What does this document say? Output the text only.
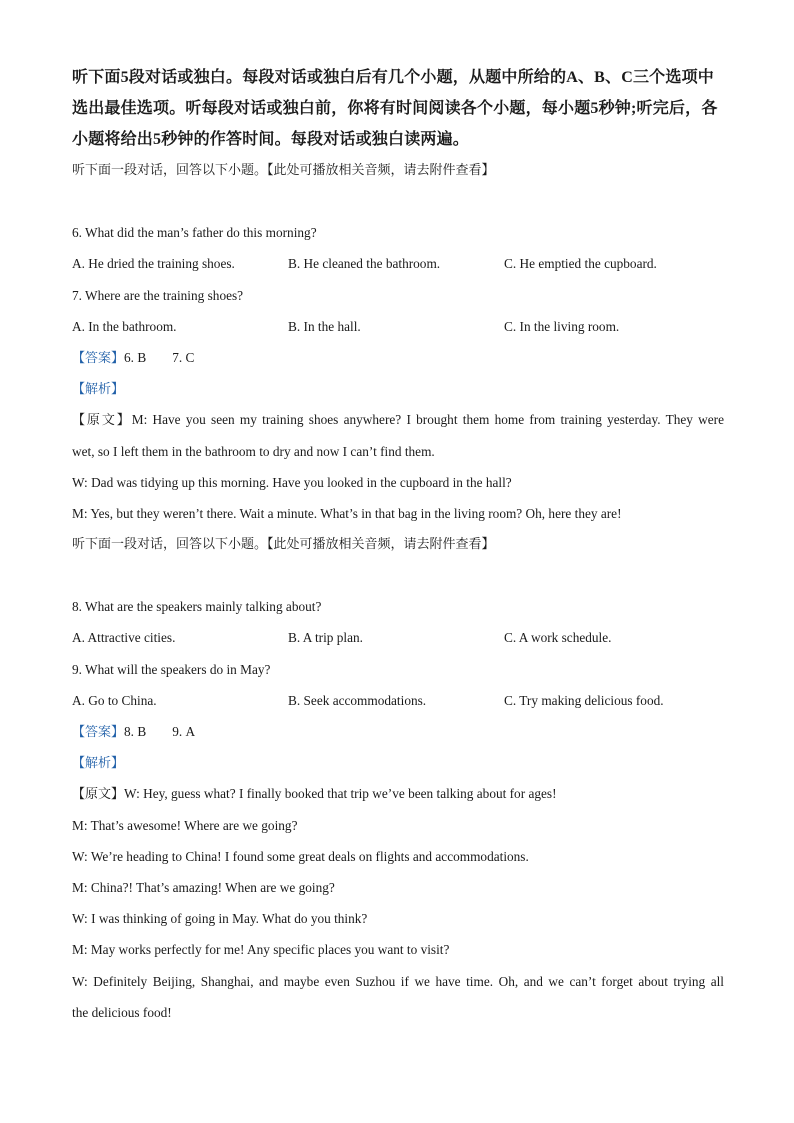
听下面5段对话或独白。每段对话或独白后有几个小题，从题中所给的A、B、C三个选项中选出最佳选项。听每段对话或独白前，你将有时间阅读各个小题，每小题5秒钟;听完后，各小题将给出5秒钟的作答时间。每段对话或独白读两遍。
听下面一段对话，回答以下小题。【此处可播放相关音频，请去附件查看】
6. What did the man’s father do this morning?
A. He dried the training shoes.	B. He cleaned the bathroom.	C. He emptied the cupboard.
7. Where are the training shoes?
A. In the bathroom.	B. In the hall.	C. In the living room.
【答案】6. B 7. C
【解析】
【原文】M: Have you seen my training shoes anywhere? I brought them home from training yesterday. They were
wet, so I left them in the bathroom to dry and now I can’t find them.
W: Dad was tidying up this morning. Have you looked in the cupboard in the hall?
M: Yes, but they weren’t there. Wait a minute. What’s in that bag in the living room? Oh, here they are!
听下面一段对话，回答以下小题。【此处可播放相关音频，请去附件查看】
8. What are the speakers mainly talking about?
A. Attractive cities.	B. A trip plan.	C. A work schedule.
9. What will the speakers do in May?
A. Go to China.	B. Seek accommodations.	C. Try making delicious food.
【答案】8. B 9. A
【解析】
【原文】W: Hey, guess what? I finally booked that trip we’ve been talking about for ages!
M: That’s awesome! Where are we going?
W: We’re heading to China! I found some great deals on flights and accommodations.
M: China?! That’s amazing! When are we going?
W: I was thinking of going in May. What do you think?
M: May works perfectly for me! Any specific places you want to visit?
W: Definitely Beijing, Shanghai, and maybe even Suzhou if we have time. Oh, and we can’t forget about trying all
the delicious food!
